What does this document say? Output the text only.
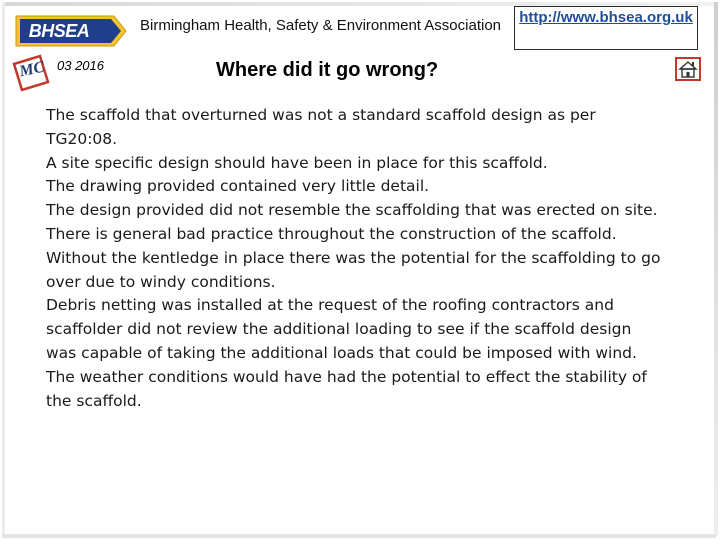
BHSEA
MC 03 2016
Birmingham Health, Safety & Environment Association	http://www.bhsea.org.uk
Where did it go wrong?

The scaffold that overturned was not a standard scaffold design as per TG20:08.

A site specific design should have been in place for this scaffold.

The drawing provided contained very little detail.

The design provided did not resemble the scaffolding that was erected on site.

There is general bad practice throughout the construction of the scaffold.

Without the kentledge in place there was the potential for the scaffolding to go over due to windy conditions.

Debris netting was installed at the request of the roofing contractors and scaffolder did not review the additional loading to see if the scaffold design was capable of taking the additional loads that could be imposed with wind.

The weather conditions would have had the potential to effect the stability of the scaffold.
